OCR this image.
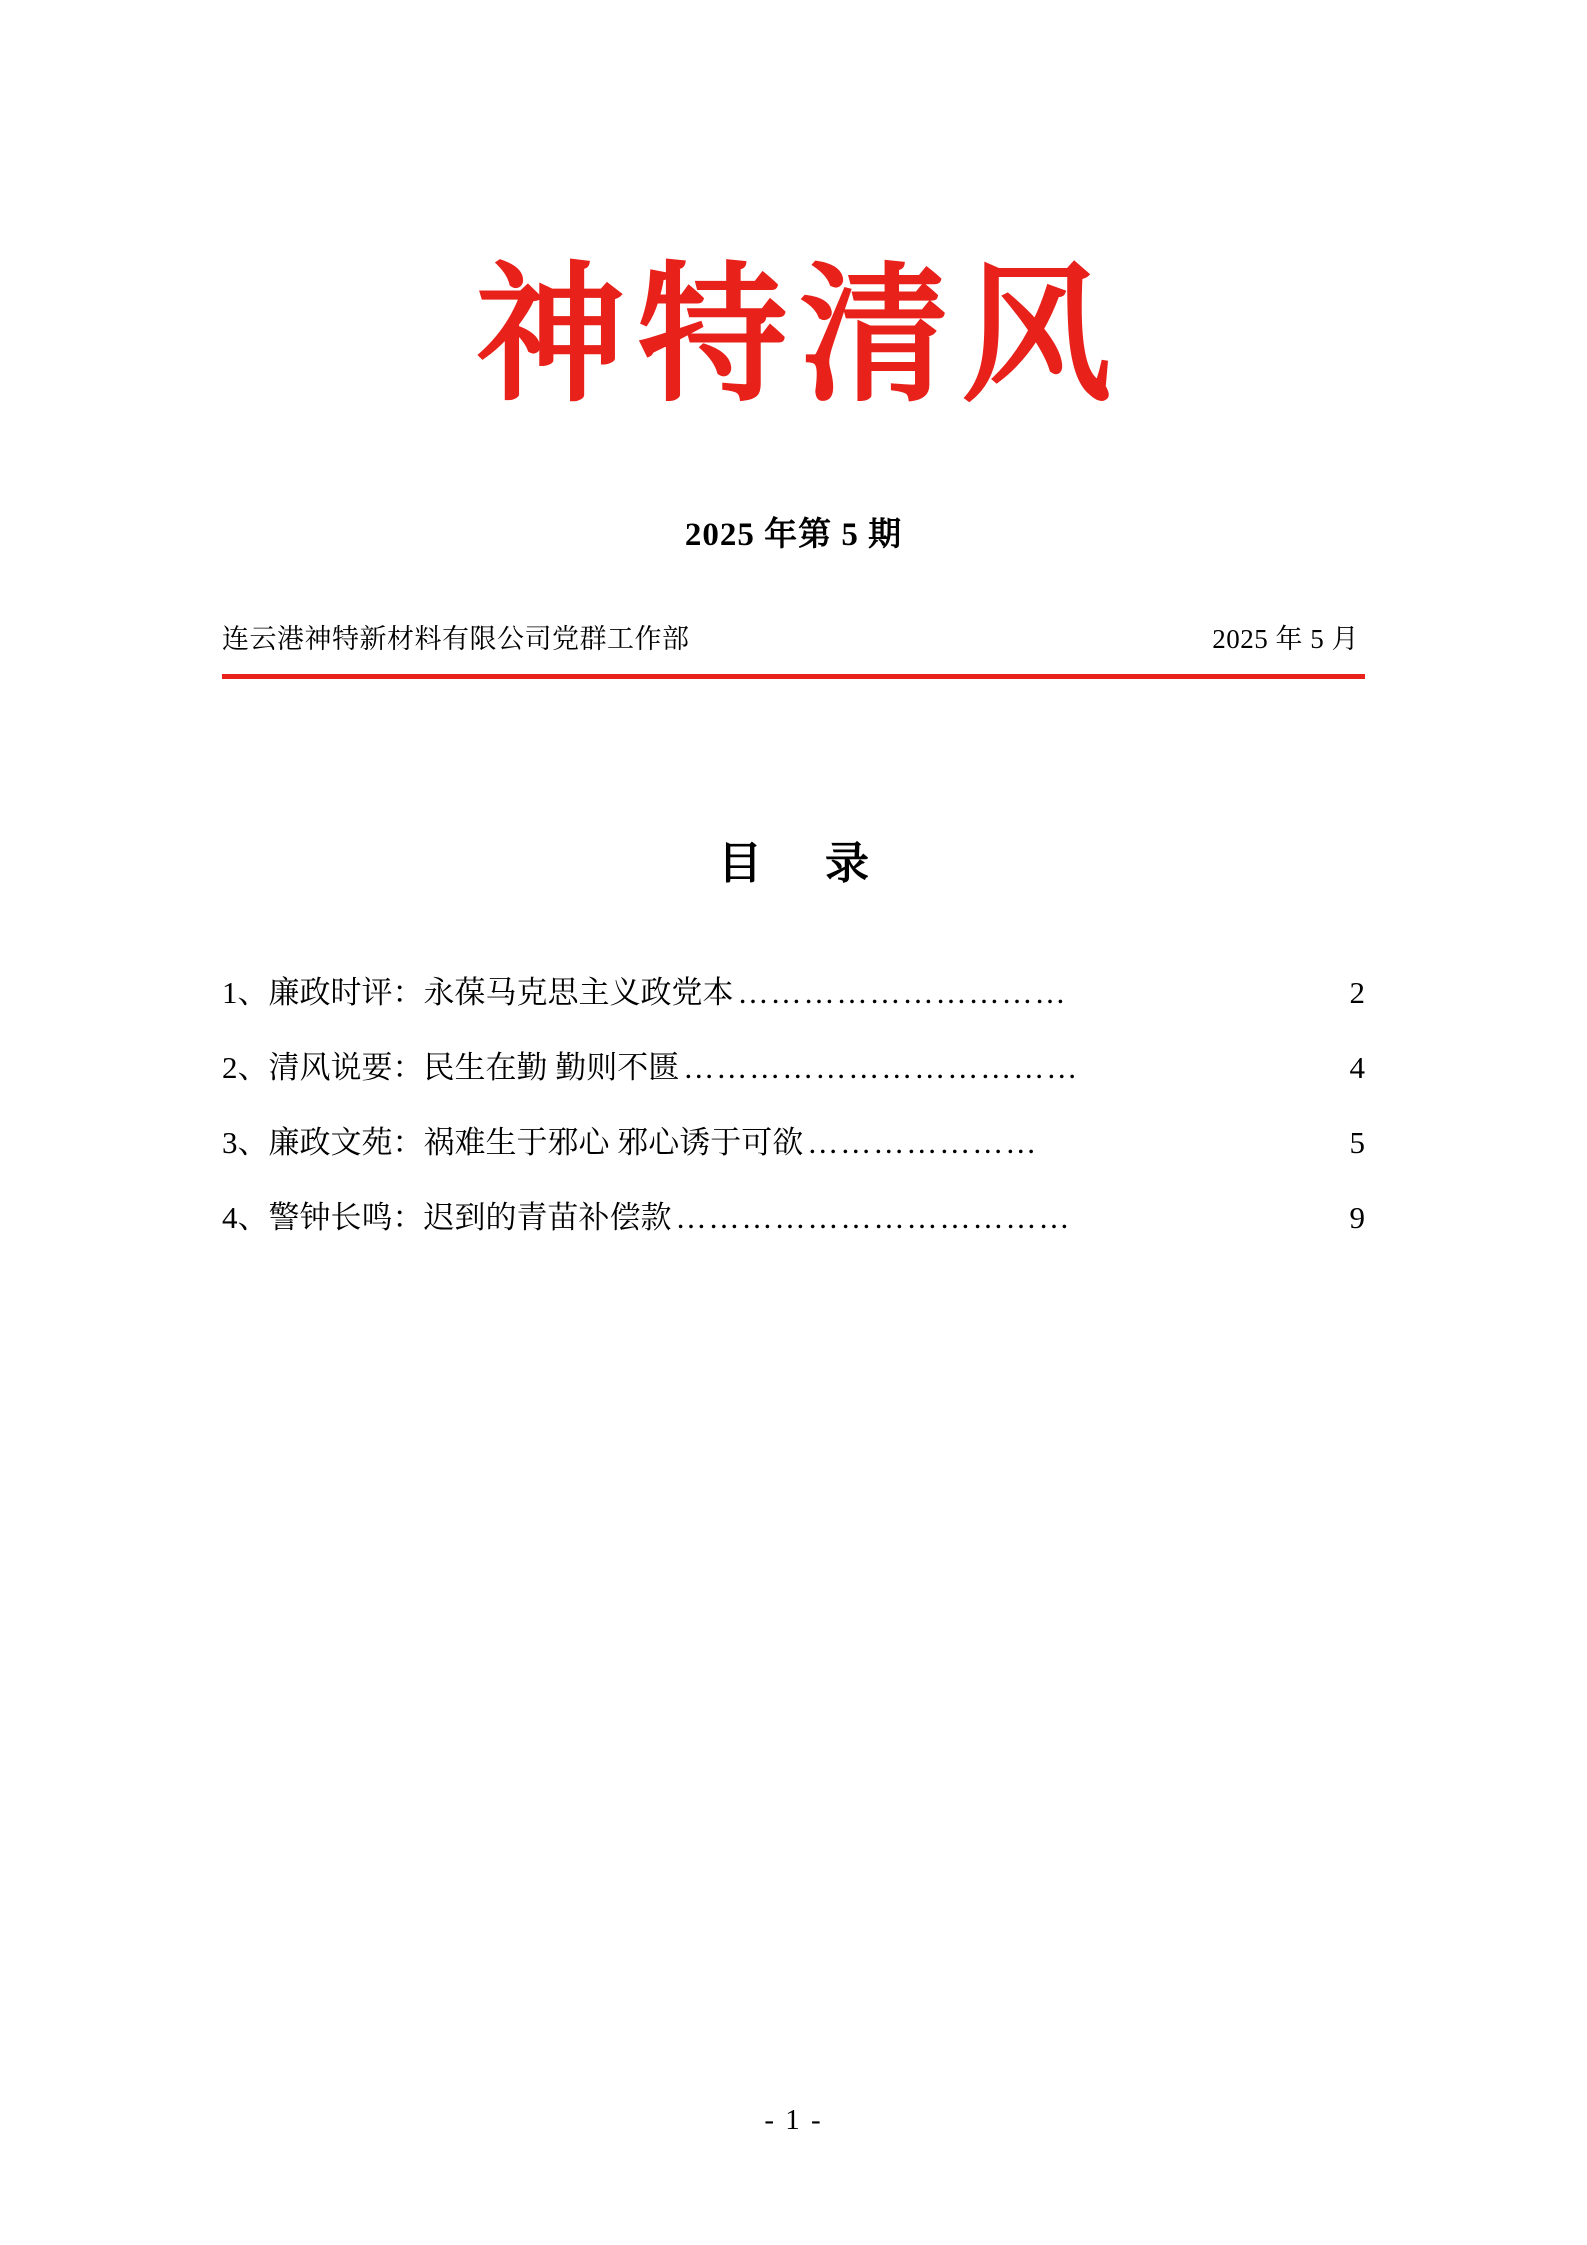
神特清风
2025 年第 5 期
连云港神特新材料有限公司党群工作部	2025 年 5 月
目 录
1、廉政时评：永葆马克思主义政党本 …………………………	2
2、清风说要：民生在勤 勤则不匮 ………………………………	4
3、廉政文苑：祸难生于邪心 邪心诱于可欲 …………………	5
4、警钟长鸣：迟到的青苗补偿款 ………………………………	9
- 1 -
